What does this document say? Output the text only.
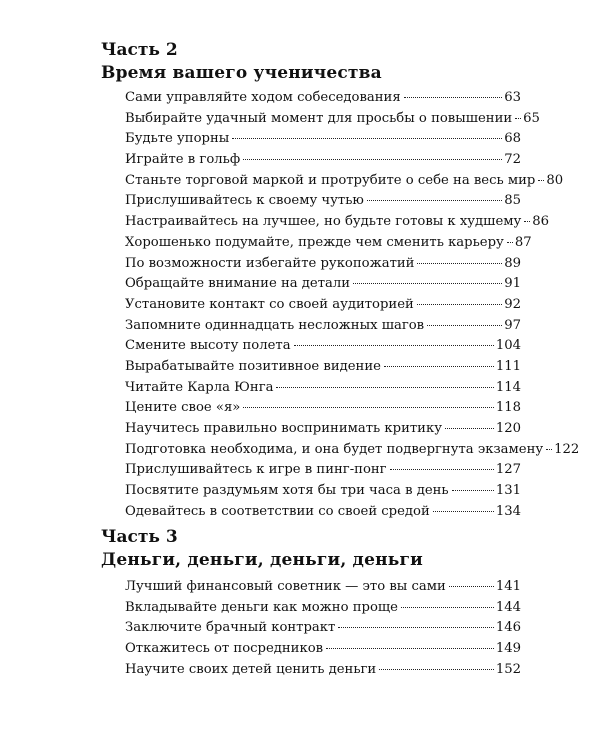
Часть 2
Время вашего ученичества
Сами управляйте ходом собеседования	63
Выбирайте удачный момент для просьбы о повышении 65
Будьте упорны	68
Играйте в гольф	72
Станьте торговой маркой и протрубите о себе на весь мир 80
Прислушивайтесь к своему чутью	85
Настраивайтесь на лучшее, но будьте готовы к худшему 86
Хорошенько подумайте, прежде чем сменить карьеру 87
По возможности избегайте рукопожатий	89
Обращайте внимание на детали	91
Установите контакт со своей аудиторией	92
Запомните одиннадцать несложных шагов	97
Смените высоту полета	104
Вырабатывайте позитивное видение	111
Читайте Карла Юнга	114
Цените свое «я»	118
Научитесь правильно воспринимать критику	120
Подготовка необходима, и она будет подвергнута экзамену 122
Прислушивайтесь к игре в пинг-понг	127
Посвятите раздумьям хотя бы три часа в день	131
Одевайтесь в соответствии со своей средой	134
Часть 3
Деньги, деньги, деньги, деньги
Лучший финансовый советник — это вы сами	141
Вкладывайте деньги как можно проще	144
Заключите брачный контракт	146
Откажитесь от посредников	149
Научите своих детей ценить деньги	152
